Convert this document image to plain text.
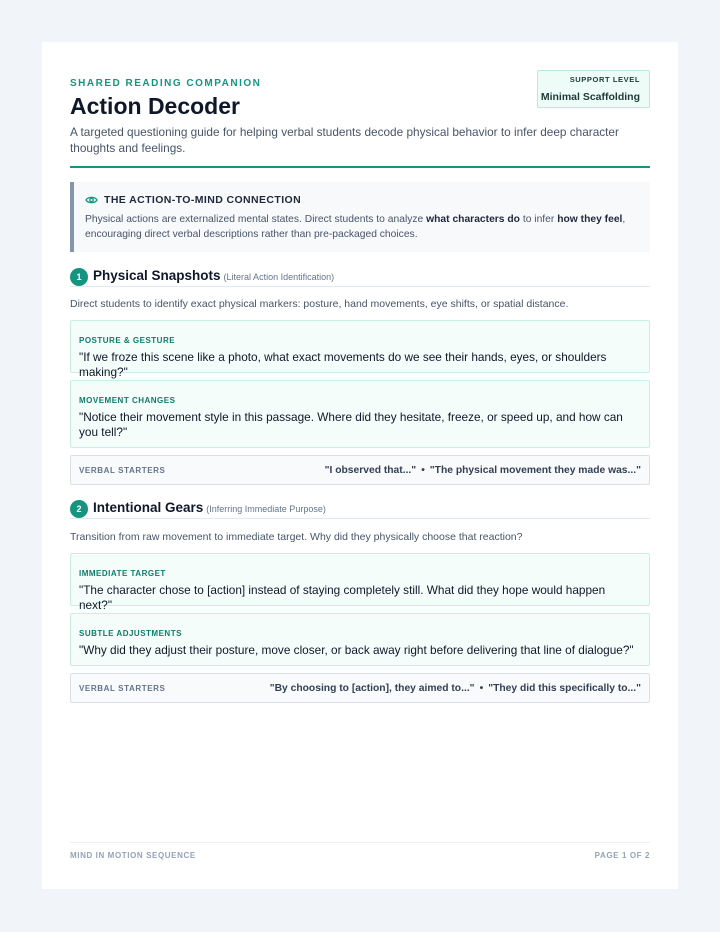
SHARED READING COMPANION
Action Decoder
SUPPORT LEVEL
Minimal Scaffolding
A targeted questioning guide for helping verbal students decode physical behavior to infer deep character thoughts and feelings.
THE ACTION-TO-MIND CONNECTION
Physical actions are externalized mental states. Direct students to analyze what characters do to infer how they feel, encouraging direct verbal descriptions rather than pre-packaged choices.
1 Physical Snapshots (Literal Action Identification)
Direct students to identify exact physical markers: posture, hand movements, eye shifts, or spatial distance.
POSTURE & GESTURE
"If we froze this scene like a photo, what exact movements do we see their hands, eyes, or shoulders making?"
MOVEMENT CHANGES
"Notice their movement style in this passage. Where did they hesitate, freeze, or speed up, and how can you tell?"
VERBAL STARTERS	"I observed that..." • "The physical movement they made was..."
2 Intentional Gears (Inferring Immediate Purpose)
Transition from raw movement to immediate target. Why did they physically choose that reaction?
IMMEDIATE TARGET
"The character chose to [action] instead of staying completely still. What did they hope would happen next?"
SUBTLE ADJUSTMENTS
"Why did they adjust their posture, move closer, or back away right before delivering that line of dialogue?"
VERBAL STARTERS	"By choosing to [action], they aimed to..." • "They did this specifically to..."
MIND IN MOTION SEQUENCE	PAGE 1 OF 2
